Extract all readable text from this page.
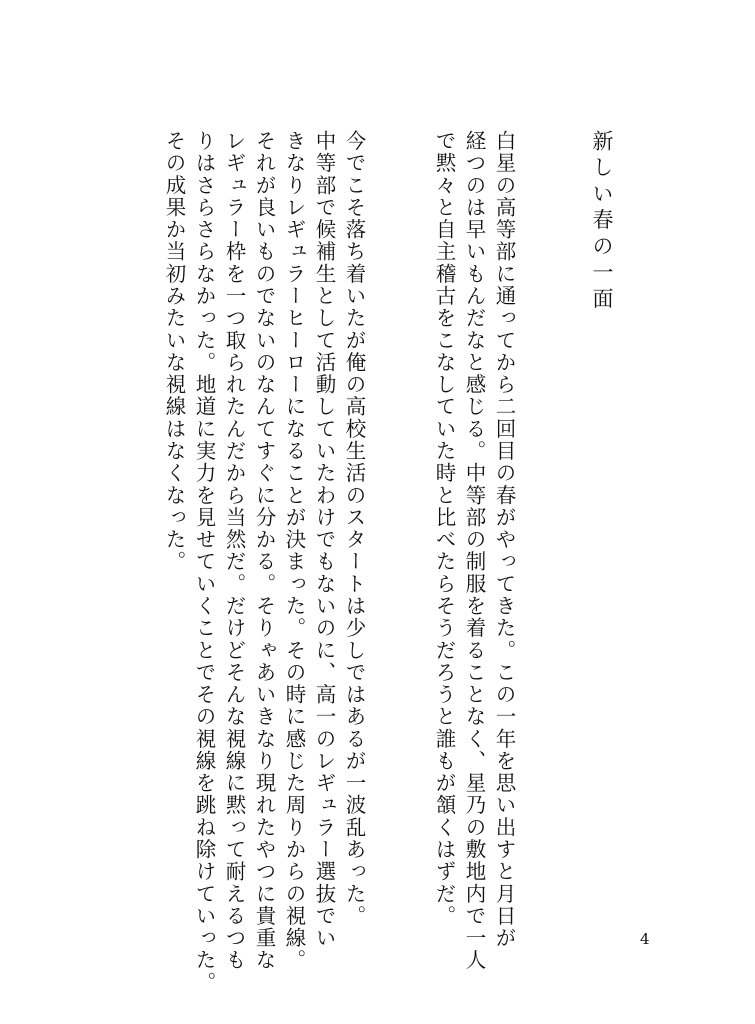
新しい春の一面
白星の高等部に通ってから二回目の春がやってきた。この一年を思い出すと月日が
経つのは早いもんだなと感じる。中等部の制服を着ることなく、星乃の敷地内で一人
で黙々と自主稽古をこなしていた時と比べたらそうだろうと誰もが頷くはずだ。
今でこそ落ち着いたが俺の高校生活のスタートは少しではあるが一波乱あった。
中等部で候補生として活動していたわけでもないのに、高一のレギュラー選抜でい
きなりレギュラーヒーローになることが決まった。その時に感じた周りからの視線。
それが良いものでないのなんてすぐに分かる。そりゃあいきなり現れたやつに貴重な
レギュラー枠を一つ取られたんだから当然だ。だけどそんな視線に黙って耐えるつも
りはさらさらなかった。地道に実力を見せていくことでその視線を跳ね除けていった。
その成果か当初みたいな視線はなくなった。
4
